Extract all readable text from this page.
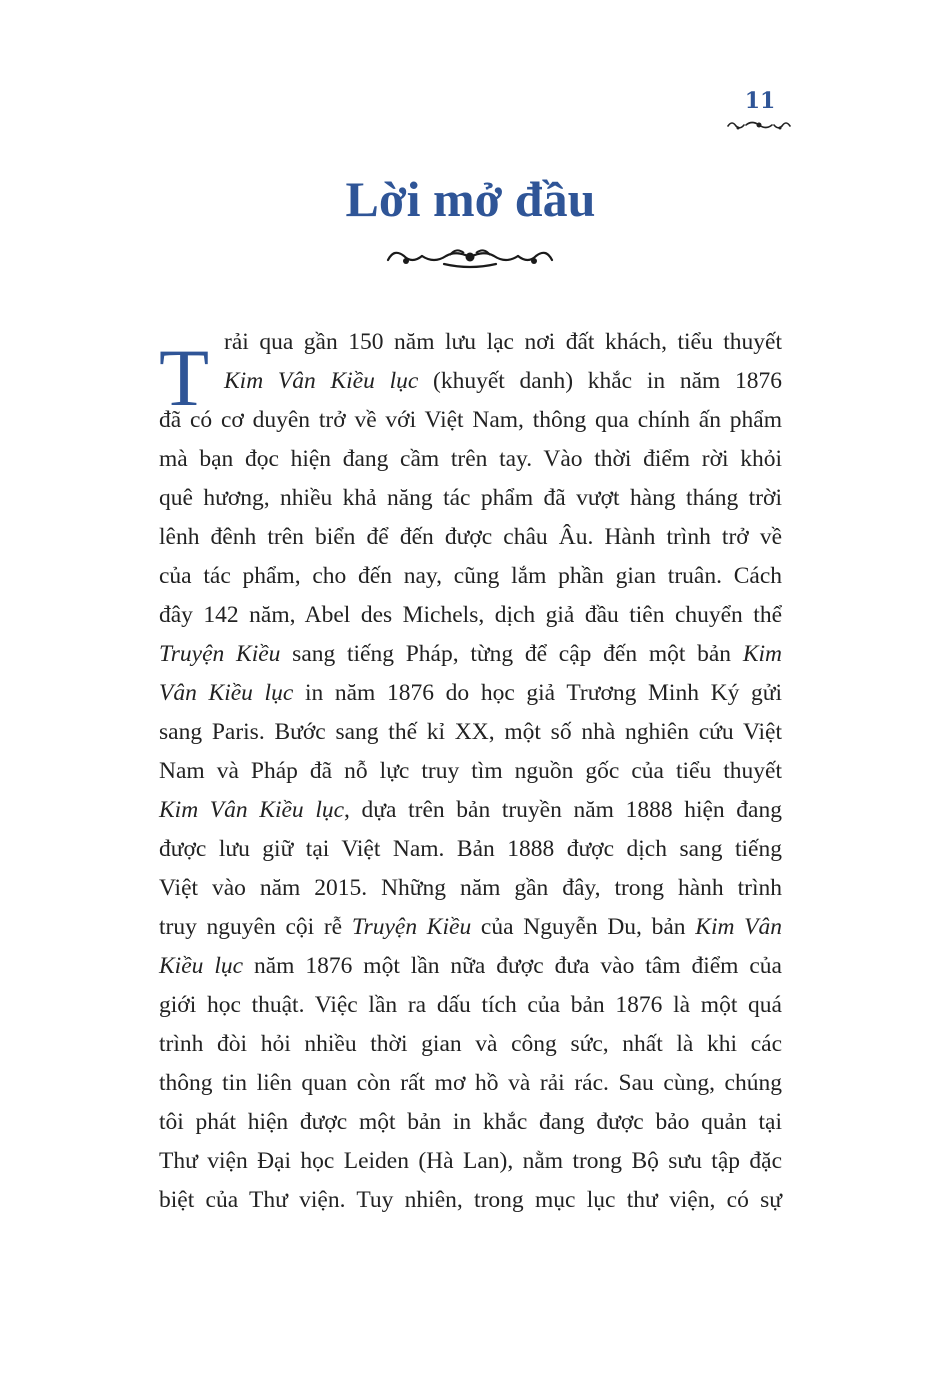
11
Lời mở đầu
T rải qua gần 150 năm lưu lạc nơi đất khách, tiểu thuyết
Kim Vân Kiều lục (khuyết danh) khắc in năm 1876
đã có cơ duyên trở về với Việt Nam, thông qua chính ấn phẩm
mà bạn đọc hiện đang cầm trên tay. Vào thời điểm rời khỏi
quê hương, nhiều khả năng tác phẩm đã vượt hàng tháng trời
lênh đênh trên biển để đến được châu Âu. Hành trình trở về
của tác phẩm, cho đến nay, cũng lắm phần gian truân. Cách
đây 142 năm, Abel des Michels, dịch giả đầu tiên chuyển thể
Truyện Kiều sang tiếng Pháp, từng để cập đến một bản Kim
Vân Kiều lục in năm 1876 do học giả Trương Minh Ký gửi
sang Paris. Bước sang thế kỉ XX, một số nhà nghiên cứu Việt
Nam và Pháp đã nỗ lực truy tìm nguồn gốc của tiểu thuyết
Kim Vân Kiều lục, dựa trên bản truyền năm 1888 hiện đang
được lưu giữ tại Việt Nam. Bản 1888 được dịch sang tiếng
Việt vào năm 2015. Những năm gần đây, trong hành trình
truy nguyên cội rễ Truyện Kiều của Nguyễn Du, bản Kim Vân
Kiều lục năm 1876 một lần nữa được đưa vào tâm điểm của
giới học thuật. Việc lần ra dấu tích của bản 1876 là một quá
trình đòi hỏi nhiều thời gian và công sức, nhất là khi các
thông tin liên quan còn rất mơ hồ và rải rác. Sau cùng, chúng
tôi phát hiện được một bản in khắc đang được bảo quản tại
Thư viện Đại học Leiden (Hà Lan), nằm trong Bộ sưu tập đặc
biệt của Thư viện. Tuy nhiên, trong mục lục thư viện, có sự
